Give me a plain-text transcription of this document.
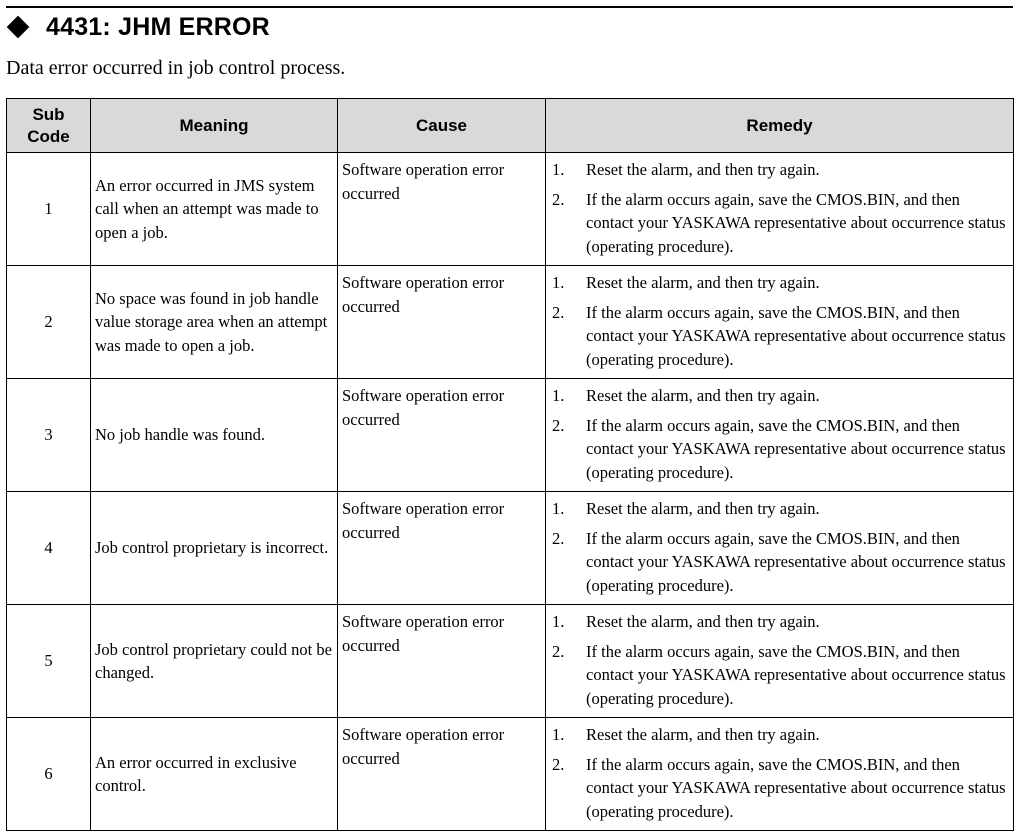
4431: JHM ERROR
Data error occurred in job control process.
Sub Code	Meaning	Cause	Remedy
1	An error occurred in JMS system call when an attempt was made to open a job.	Software operation error occurred	1. Reset the alarm, and then try again.
2. If the alarm occurs again, save the CMOS.BIN, and then contact your YASKAWA representative about occurrence status (operating procedure).

2	No space was found in job handle value storage area when an attempt was made to open a job.	Software operation error occurred	1. Reset the alarm, and then try again.
2. If the alarm occurs again, save the CMOS.BIN, and then contact your YASKAWA representative about occurrence status (operating procedure).

3	No job handle was found.	Software operation error occurred	1. Reset the alarm, and then try again.
2. If the alarm occurs again, save the CMOS.BIN, and then contact your YASKAWA representative about occurrence status (operating procedure).

4	Job control proprietary is incorrect.	Software operation error occurred	1. Reset the alarm, and then try again.
2. If the alarm occurs again, save the CMOS.BIN, and then contact your YASKAWA representative about occurrence status (operating procedure).

5	Job control proprietary could not be changed.	Software operation error occurred	1. Reset the alarm, and then try again.
2. If the alarm occurs again, save the CMOS.BIN, and then contact your YASKAWA representative about occurrence status (operating procedure).

6	An error occurred in exclusive control.	Software operation error occurred	1. Reset the alarm, and then try again.
2. If the alarm occurs again, save the CMOS.BIN, and then contact your YASKAWA representative about occurrence status (operating procedure).
